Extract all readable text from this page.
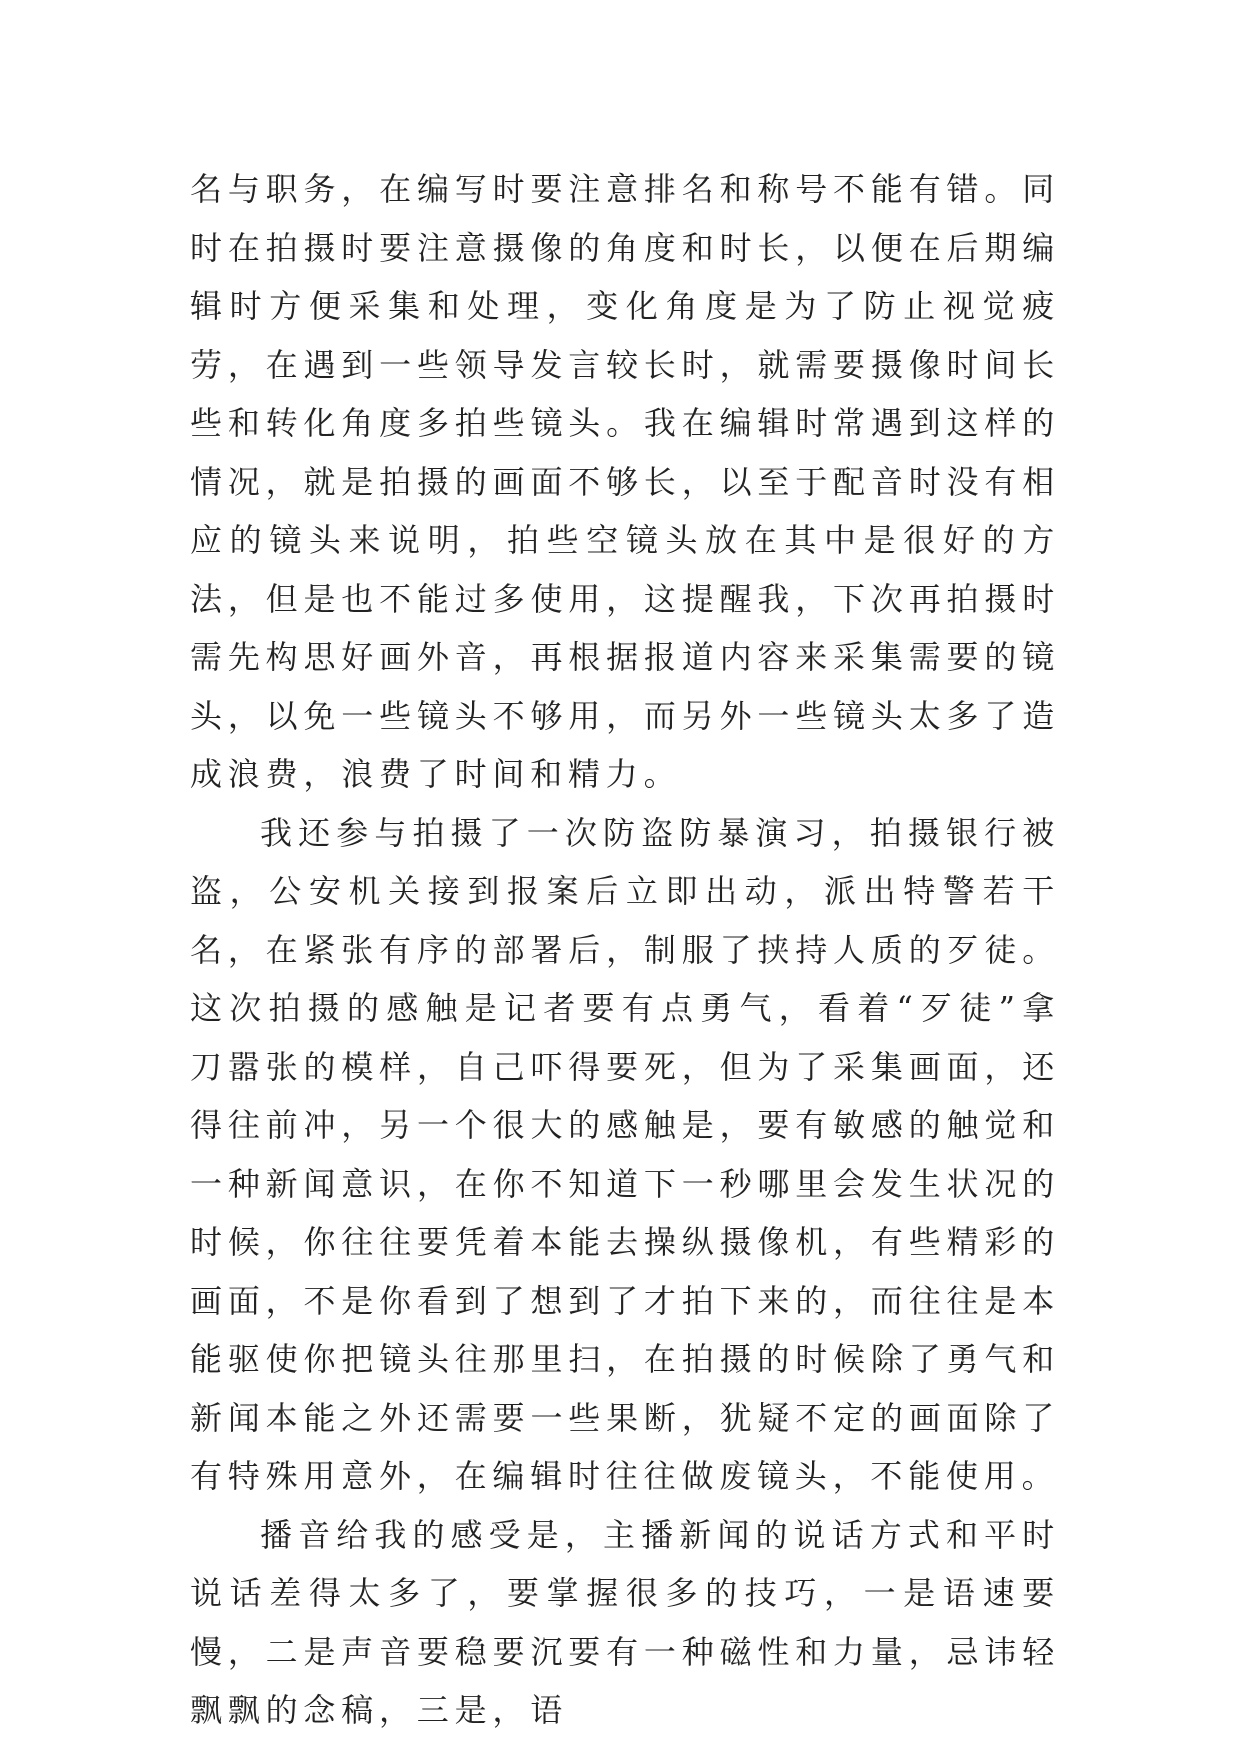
名与职务，在编写时要注意排名和称号不能有错。同时在拍摄时要注意摄像的角度和时长，以便在后期编辑时方便采集和处理，变化角度是为了防止视觉疲劳，在遇到一些领导发言较长时，就需要摄像时间长些和转化角度多拍些镜头。我在编辑时常遇到这样的情况，就是拍摄的画面不够长，以至于配音时没有相应的镜头来说明，拍些空镜头放在其中是很好的方法，但是也不能过多使用，这提醒我，下次再拍摄时需先构思好画外音，再根据报道内容来采集需要的镜头，以免一些镜头不够用，而另外一些镜头太多了造成浪费，浪费了时间和精力。

我还参与拍摄了一次防盗防暴演习，拍摄银行被盗，公安机关接到报案后立即出动，派出特警若干名，在紧张有序的部署后，制服了挟持人质的歹徒。这次拍摄的感触是记者要有点勇气，看着“歹徒”拿刀嚣张的模样，自己吓得要死，但为了采集画面，还得往前冲，另一个很大的感触是，要有敏感的触觉和一种新闻意识，在你不知道下一秒哪里会发生状况的时候，你往往要凭着本能去操纵摄像机，有些精彩的画面，不是你看到了想到了才拍下来的，而往往是本能驱使你把镜头往那里扫，在拍摄的时候除了勇气和新闻本能之外还需要一些果断，犹疑不定的画面除了有特殊用意外，在编辑时往往做废镜头，不能使用。

播音给我的感受是，主播新闻的说话方式和平时说话差得太多了，要掌握很多的技巧，一是语速要慢，二是声音要稳要沉要有一种磁性和力量，忌讳轻飘飘的念稿，三是，语
